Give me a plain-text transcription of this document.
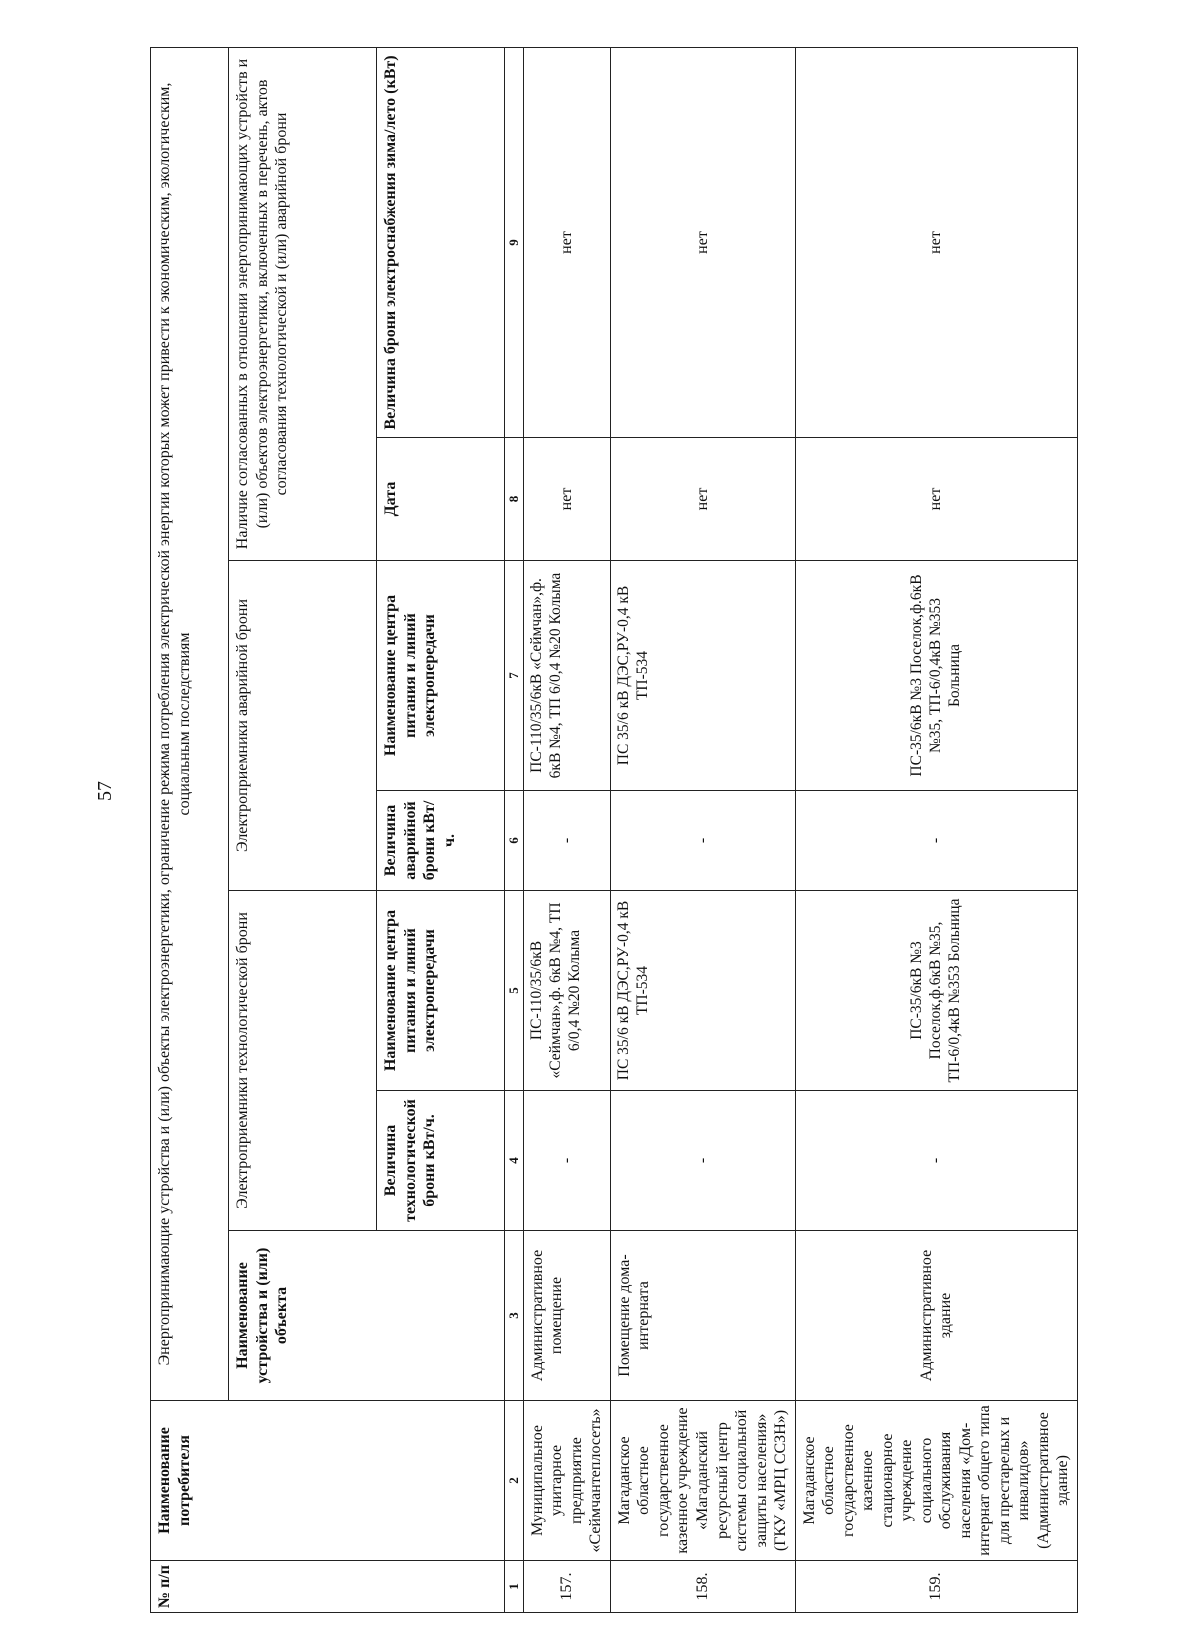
57
№ п/п	Наименование потребителя	Энергопринимающие устройства и (или) объекты электроэнергетики, ограничение режима потребления электрической энергии которых может привести к экономическим, экологическим, социальным последствиям						
		Наименование устройства и (или) объекта	Электроприемники технологической брони		Электроприемники аварийной брони		Наличие согласованных в отношении энергопринимающих устройств и (или) объектов электроэнергетики, включенных в перечень, актов согласования технологической и (или) аварийной брони	
			Величина технологической брони кВт/ч.	Наименование центра питания и линий электропередачи	Величина аварийной брони кВт/ч.	Наименование центра питания и линий электропередачи	Дата	Величина брони электроснабжения зима/лето (кВт)
1	2	3	4	5	6	7	8	9
157.	Муниципальное унитарное предприятие «Сеймчантеплосеть»	Административное помещение	-	ПС-110/35/6кВ «Сеймчан»,ф. 6кВ №4, ТП 6/0,4 №20 Колыма	-	ПС-110/35/6кВ «Сеймчан»,ф. 6кВ №4, ТП 6/0,4 №20 Колыма	нет	нет
158.	Магаданское областное государственное казенное учреждение «Магаданский ресурсный центр системы социальной защиты населения» (ГКУ «МРЦ ССЗН»)	Помещение дома-интерната	-	ПС 35/6 кВ ДЭС,РУ-0,4 кВ ТП-534	-	ПС 35/6 кВ ДЭС,РУ-0,4 кВ ТП-534	нет	нет
159.	Магаданское областное государственное казенное стационарное учреждение социального обслуживания населения «Дом-интернат общего типа для престарелых и инвалидов» (Административное здание)	Административное здание	-	ПС-35/6кВ №3 Поселок,ф.6кВ №35, ТП-6/0,4кВ №353 Больница	-	ПС-35/6кВ №3 Поселок,ф.6кВ №35, ТП-6/0,4кВ №353 Больница	нет	нет
